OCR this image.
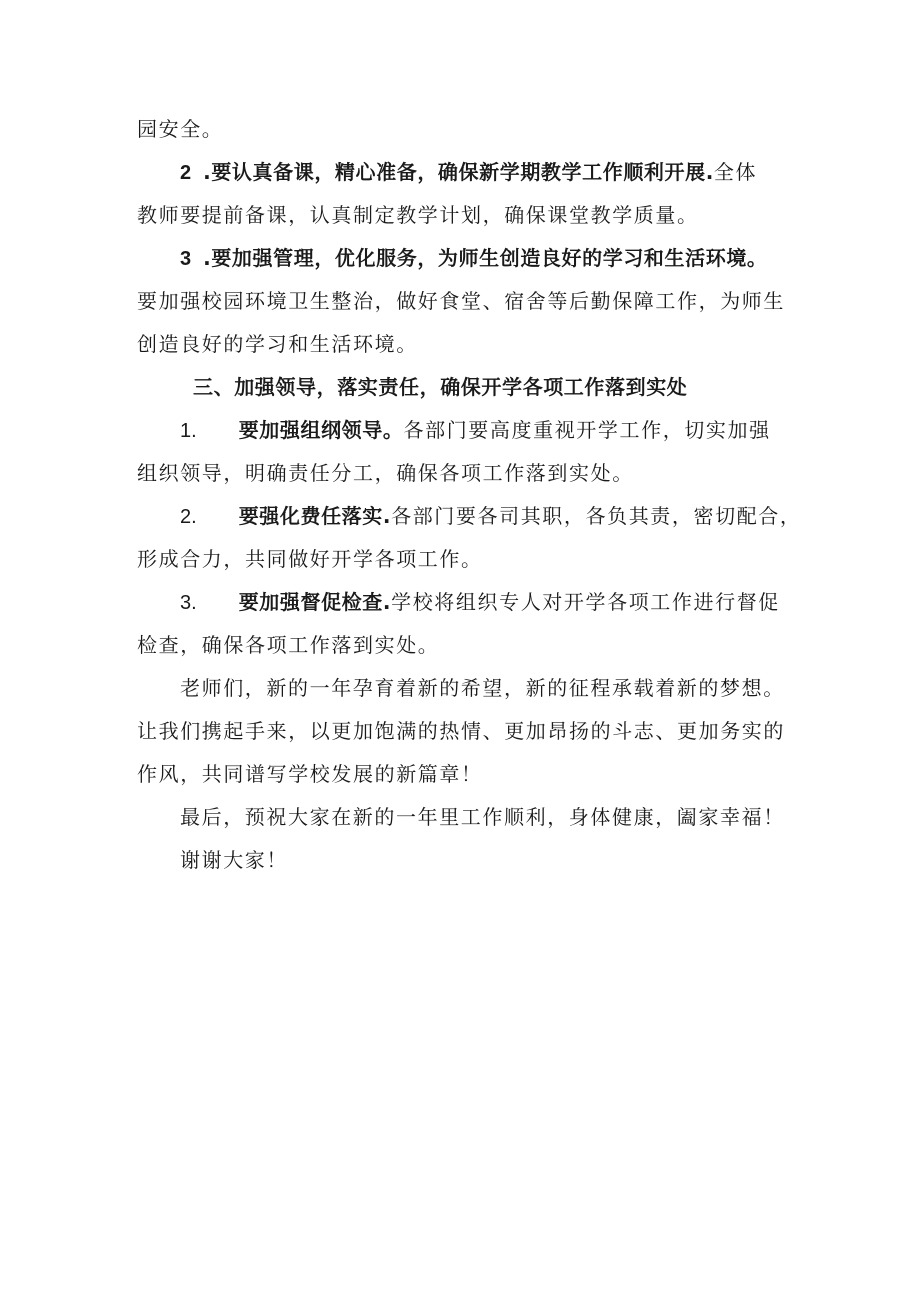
园安全。
2 .要认真备课，精心准备，确保新学期教学工作顺利开展.全体
教师要提前备课，认真制定教学计划，确保课堂教学质量。
3 .要加强管理，优化服务，为师生创造良好的学习和生活环境。
要加强校园环境卫生整治，做好食堂、宿舍等后勤保障工作，为师生
创造良好的学习和生活环境。
三、加强领导，落实责任，确保开学各项工作落到实处
1. 要加强组纲领导。各部门要高度重视开学工作，切实加强
组织领导，明确责任分工，确保各项工作落到实处。
2. 要强化费任落实.各部门要各司其职，各负其责，密切配合，
形成合力，共同做好开学各项工作。
3. 要加强督促检查.学校将组织专人对开学各项工作进行督促
检查，确保各项工作落到实处。
老师们，新的一年孕育着新的希望，新的征程承载着新的梦想。
让我们携起手来，以更加饱满的热情、更加昂扬的斗志、更加务实的
作风，共同谱写学校发展的新篇章！
最后，预祝大家在新的一年里工作顺利，身体健康，阖家幸福！
谢谢大家！
